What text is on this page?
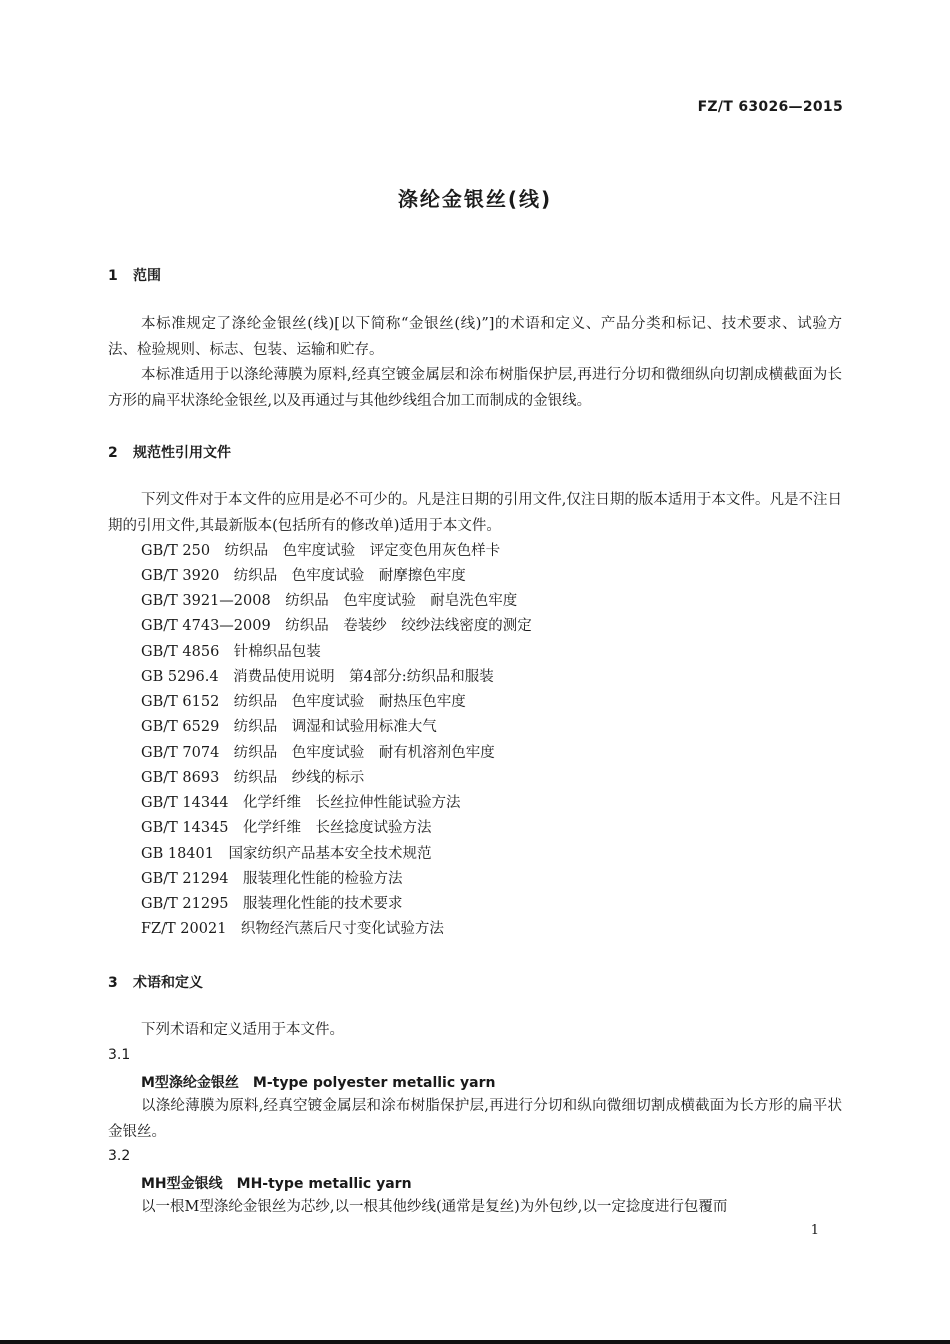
FZ/T 63026—2015
涤纶金银丝(线)
1 范围
本标准规定了涤纶金银丝(线)[以下简称“金银丝(线)”]的术语和定义、产品分类和标记、技术要求、试验方法、检验规则、标志、包装、运输和贮存。
本标准适用于以涤纶薄膜为原料,经真空镀金属层和涂布树脂保护层,再进行分切和微细纵向切割成横截面为长方形的扁平状涤纶金银丝,以及再通过与其他纱线组合加工而制成的金银线。
2 规范性引用文件
下列文件对于本文件的应用是必不可少的。凡是注日期的引用文件,仅注日期的版本适用于本文件。凡是不注日期的引用文件,其最新版本(包括所有的修改单)适用于本文件。
GB/T 250　纺织品　色牢度试验　评定变色用灰色样卡
GB/T 3920　纺织品　色牢度试验　耐摩擦色牢度
GB/T 3921—2008　纺织品　色牢度试验　耐皂洗色牢度
GB/T 4743—2009　纺织品　卷装纱　绞纱法线密度的测定
GB/T 4856　针棉织品包装
GB 5296.4　消费品使用说明　第4部分:纺织品和服装
GB/T 6152　纺织品　色牢度试验　耐热压色牢度
GB/T 6529　纺织品　调湿和试验用标准大气
GB/T 7074　纺织品　色牢度试验　耐有机溶剂色牢度
GB/T 8693　纺织品　纱线的标示
GB/T 14344　化学纤维　长丝拉伸性能试验方法
GB/T 14345　化学纤维　长丝捻度试验方法
GB 18401　国家纺织产品基本安全技术规范
GB/T 21294　服装理化性能的检验方法
GB/T 21295　服装理化性能的技术要求
FZ/T 20021　织物经汽蒸后尺寸变化试验方法
3 术语和定义
下列术语和定义适用于本文件。
3.1
M型涤纶金银丝　M-type polyester metallic yarn
以涤纶薄膜为原料,经真空镀金属层和涂布树脂保护层,再进行分切和纵向微细切割成横截面为长方形的扁平状金银丝。
3.2
MH型金银线　MH-type metallic yarn
以一根M型涤纶金银丝为芯纱,以一根其他纱线(通常是复丝)为外包纱,以一定捻度进行包覆而
1
